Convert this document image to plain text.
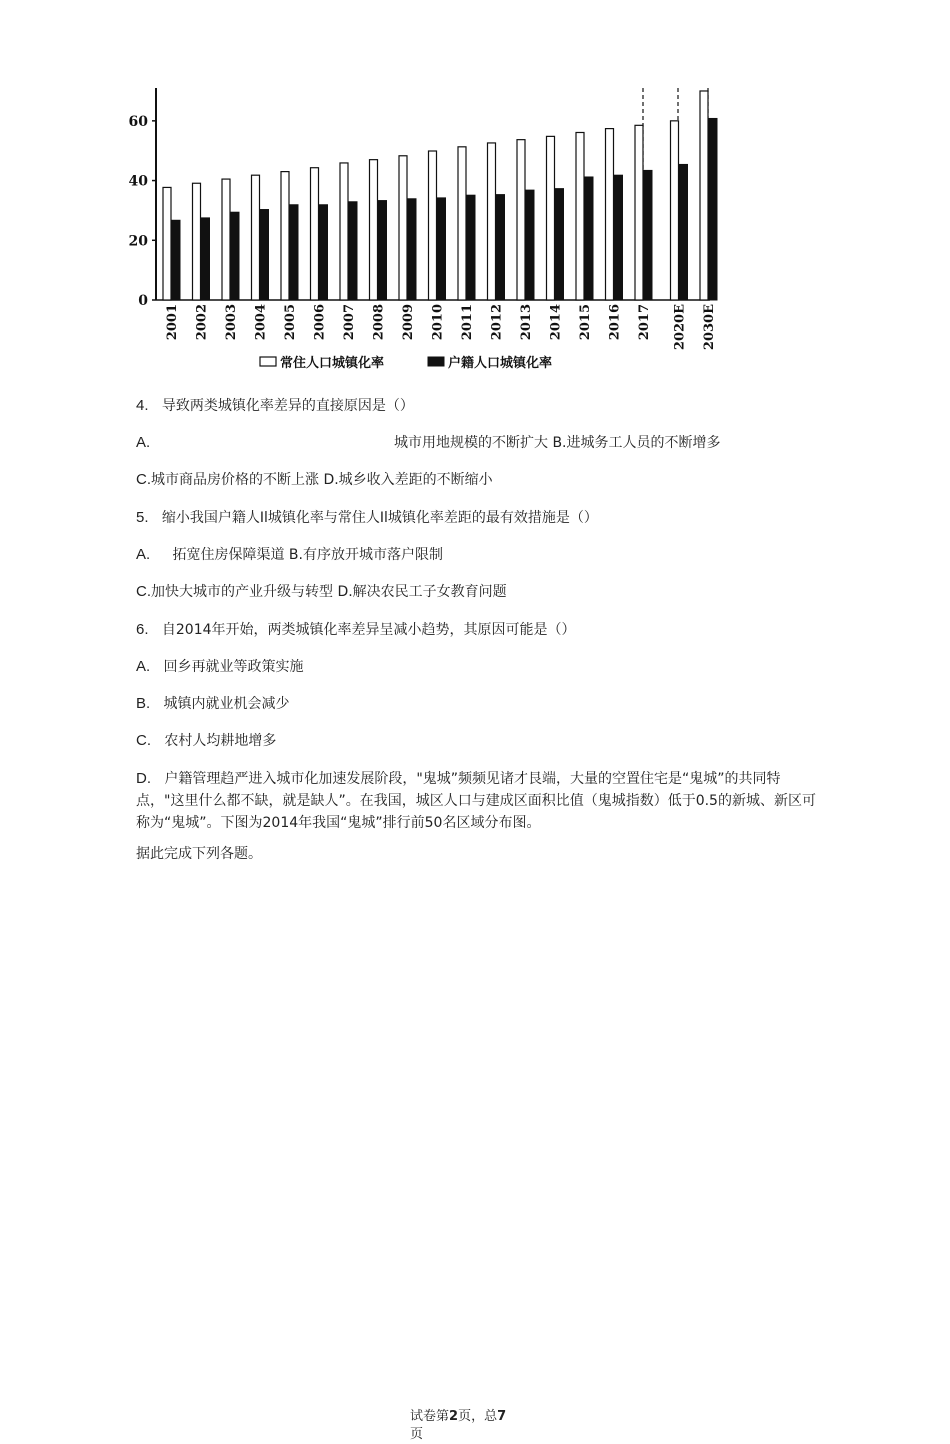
0
20
40
60
2001 2002 2003 2004 2005 2006 2007 2008 2009 2010 2011 2012 2013 2014 2015 2016 2017 2020E 2030E
常住人口城镇化率	户籍人口城镇化率
4. 导致两类城镇化率差异的直接原因是（）
A.	城市用地规模的不断扩大 B.进城务工人员的不断增多
C.城市商品房价格的不断上涨 D.城乡收入差距的不断缩小
5. 缩小我国户籍人Il城镇化率与常住人Il城镇化率差距的最有效措施是（）
A. 拓宽住房保障渠道 B.有序放开城市落户限制
C.加快大城市的产业升级与转型 D.解决农民工子女教育问题
6. 自2014年开始，两类城镇化率差异呈减小趋势，其原因可能是（）
A. 回乡再就业等政策实施
B. 城镇内就业机会减少
C. 农村人均耕地增多
D. 户籍管理趋严进入城市化加速发展阶段，"鬼城”频频见诸才艮端，大量的空置住宅是“鬼城”的共同特点，"这里什么都不缺，就是缺人”。在我国，城区人口与建成区面积比值（鬼城指数）低于0.5的新城、新区可称为“鬼城”。下图为2014年我国“鬼城”排行前50名区域分布图。
据此完成下列各题。
试卷第2页，总7
页
